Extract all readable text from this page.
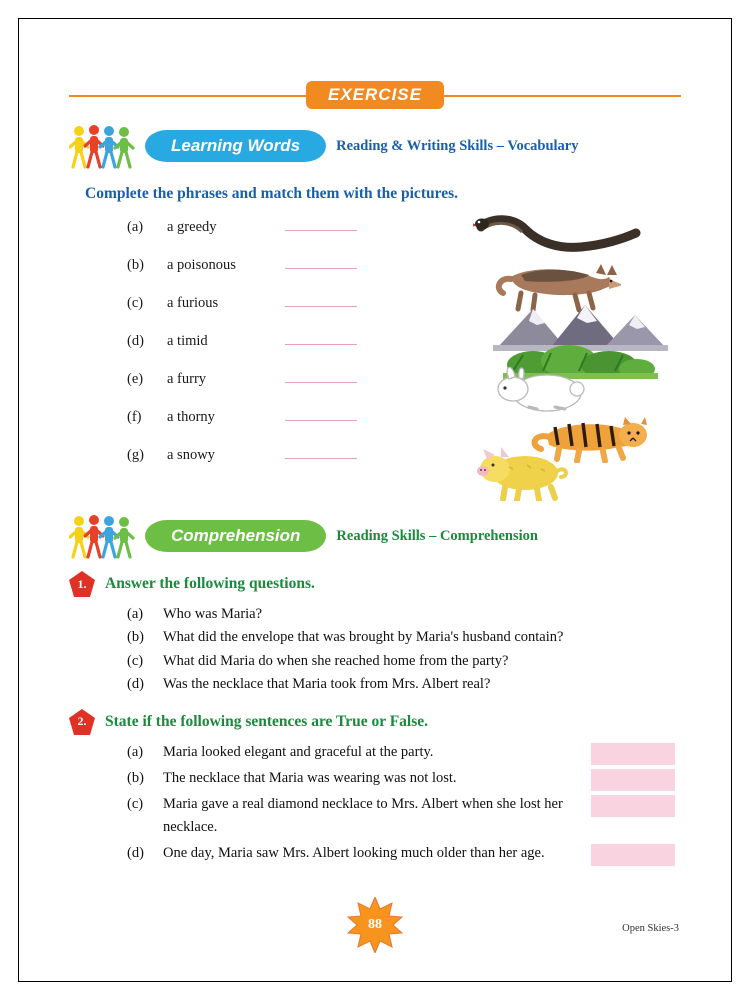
EXERCISE
Learning Words	Reading & Writing Skills – Vocabulary
Complete the phrases and match them with the pictures.
(a)	a greedy
(b)	a poisonous
(c)	a furious
(d)	a timid
(e)	a furry
(f)	a thorny
(g)	a snowy
Comprehension	Reading Skills – Comprehension
1.	Answer the following questions.
(a)	Who was Maria?
(b)	What did the envelope that was brought by Maria's husband contain?
(c)	What did Maria do when she reached home from the party?
(d)	Was the necklace that Maria took from Mrs. Albert real?
2.	State if the following sentences are True or False.
(a)	Maria looked elegant and graceful at the party.
(b)	The necklace that Maria was wearing was not lost.
(c)	Maria gave a real diamond necklace to Mrs. Albert when she lost her necklace.
(d)	One day, Maria saw Mrs. Albert looking much older than her age.
88	Open Skies-3
